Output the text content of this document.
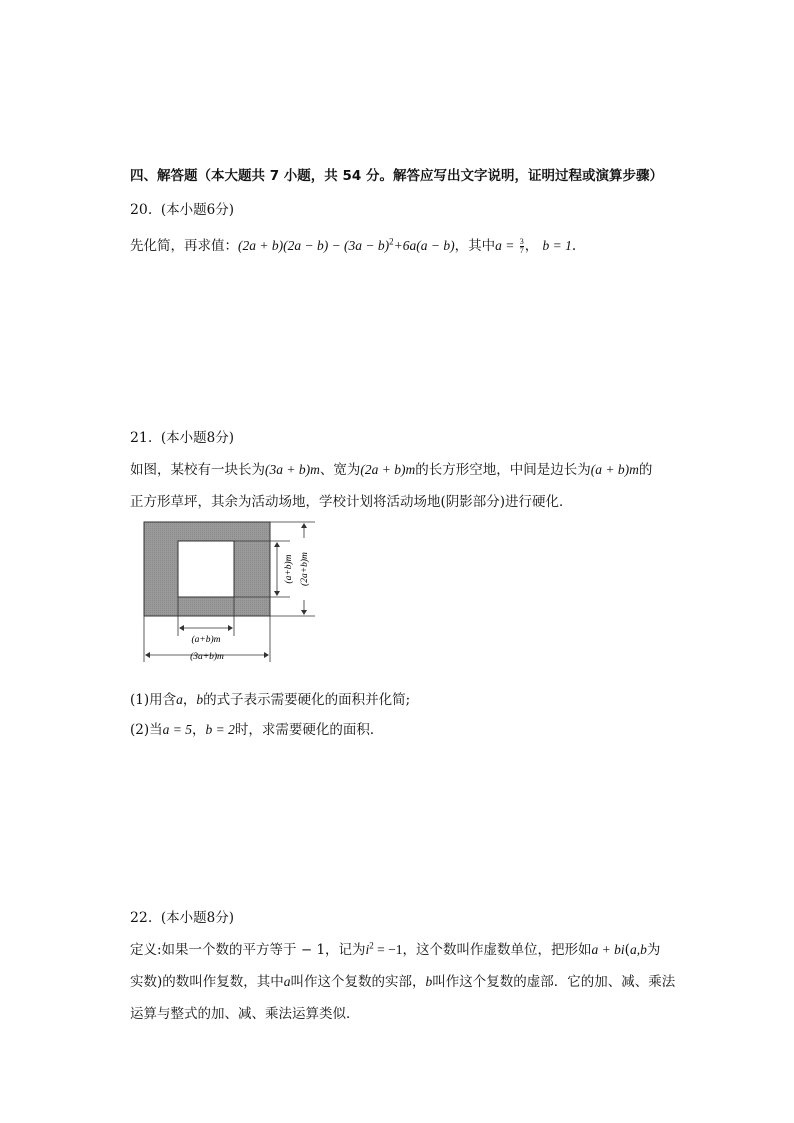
四、解答题（本大题共 7 小题，共 54 分。解答应写出文字说明，证明过程或演算步骤）
20. (本小题6分)
先化简，再求值：$(2a + b)(2a - b) - (3a - b)^2+6a(a - b)$，其中$a = \frac{3}{7}$ ， b = 1.
21. (本小题8分)
如图，某校有一块长为(3a + b)m、宽为(2a + b)m的长方形空地，中间是边长为(a + b)m的
正方形草坪，其余为活动场地，学校计划将活动场地(阴影部分)进行硬化．
(a+b)m (2a+b)m
(a+b)m
(3a+b)m
(1)用含a，b的式子表示需要硬化的面积并化简;
(2)当a = 5，b = 2时，求需要硬化的面积．
22. (本小题8分)
定义:如果一个数的平方等于 − 1，记为$i^2 = -1$，这个数叫作虚数单位，把形如a + bi(a,b为
实数)的数叫作复数，其中a叫作这个复数的实部，b叫作这个复数的虚部．它的加、减、乘法
运算与整式的加、减、乘法运算类似．
